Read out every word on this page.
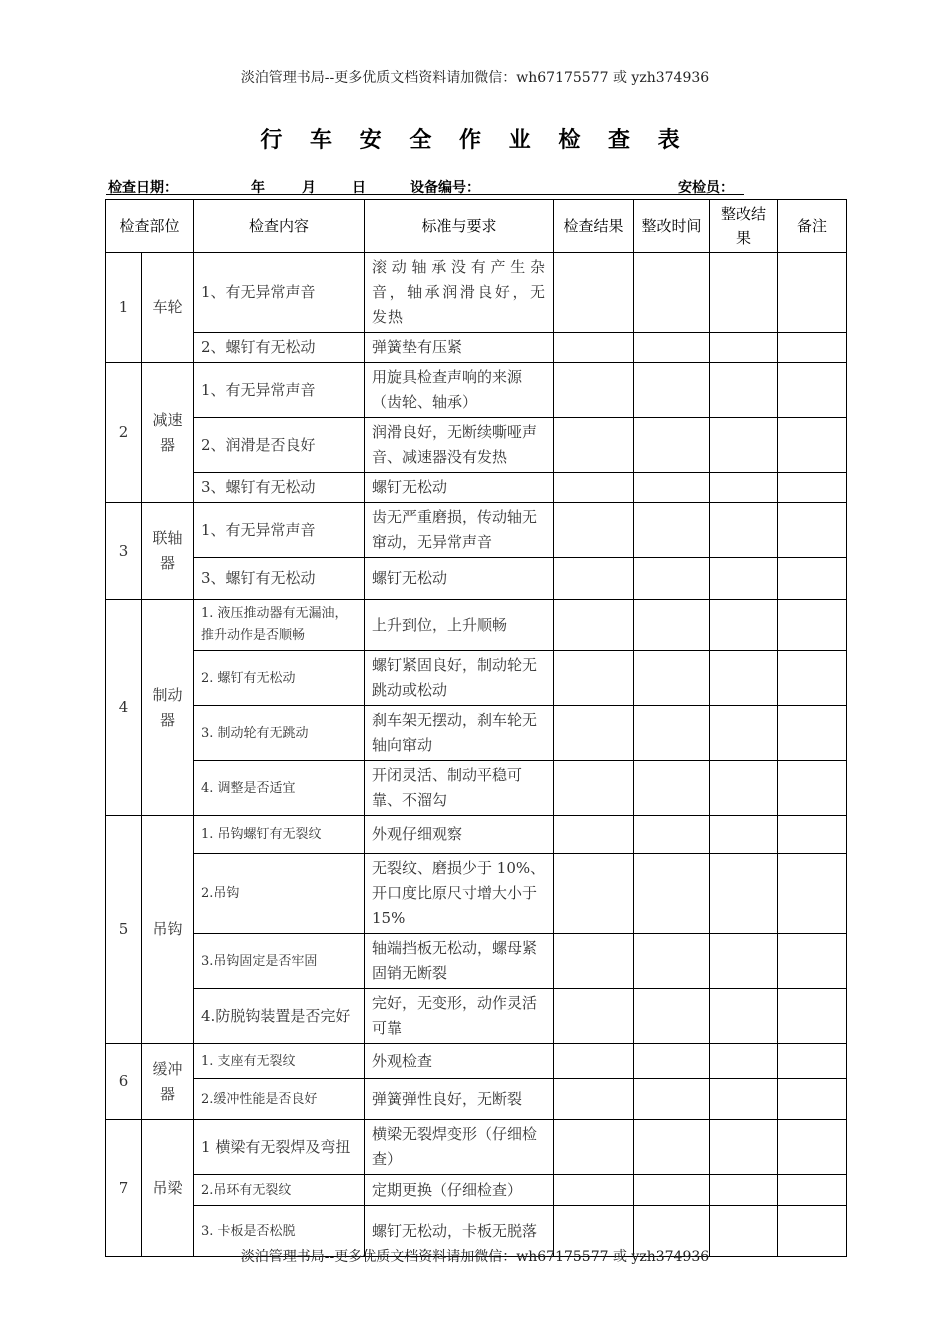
淡泊管理书局--更多优质文档资料请加微信：wh67175577 或 yzh374936
行 车 安 全 作 业 检 查 表
检查日期：	年	月	日	设备编号：	安检员：
检查部位		检查内容	标准与要求	检查结果	整改时间	整改结果	备注
1	车轮	1、有无异常声音	滚动轴承没有产生杂音，轴承润滑良好，无发热				
		2、螺钉有无松动	弹簧垫有压紧				
2	减速器	1、有无异常声音	用旋具检查声响的来源（齿轮、轴承）				
		2、润滑是否良好	润滑良好，无断续嘶哑声音、减速器没有发热				
		3、螺钉有无松动	螺钉无松动				
3	联轴器	1、有无异常声音	齿无严重磨损，传动轴无窜动，无异常声音				
		3、螺钉有无松动	螺钉无松动				
4	制动器	1. 液压推动器有无漏油，推升动作是否顺畅	上升到位，上升顺畅				
		2. 螺钉有无松动	螺钉紧固良好，制动轮无跳动或松动				
		3. 制动轮有无跳动	刹车架无摆动，刹车轮无轴向窜动				
		4. 调整是否适宜	开闭灵活、制动平稳可靠、不溜勾				
5	吊钩	1. 吊钩螺钉有无裂纹	外观仔细观察				
		2.吊钩	无裂纹、磨损少于 10%、开口度比原尺寸增大小于 15%				
		3.吊钩固定是否牢固	轴端挡板无松动，螺母紧固销无断裂				
		4.防脱钩装置是否完好	完好，无变形，动作灵活可靠				
6	缓冲器	1. 支座有无裂纹	外观检查				
		2.缓冲性能是否良好	弹簧弹性良好，无断裂				
7	吊梁	1 横梁有无裂焊及弯扭	横梁无裂焊变形（仔细检查）				
		2.吊环有无裂纹	定期更换（仔细检查）				
		3. 卡板是否松脱	螺钉无松动，卡板无脱落				
淡泊管理书局--更多优质文档资料请加微信：wh67175577 或 yzh374936
